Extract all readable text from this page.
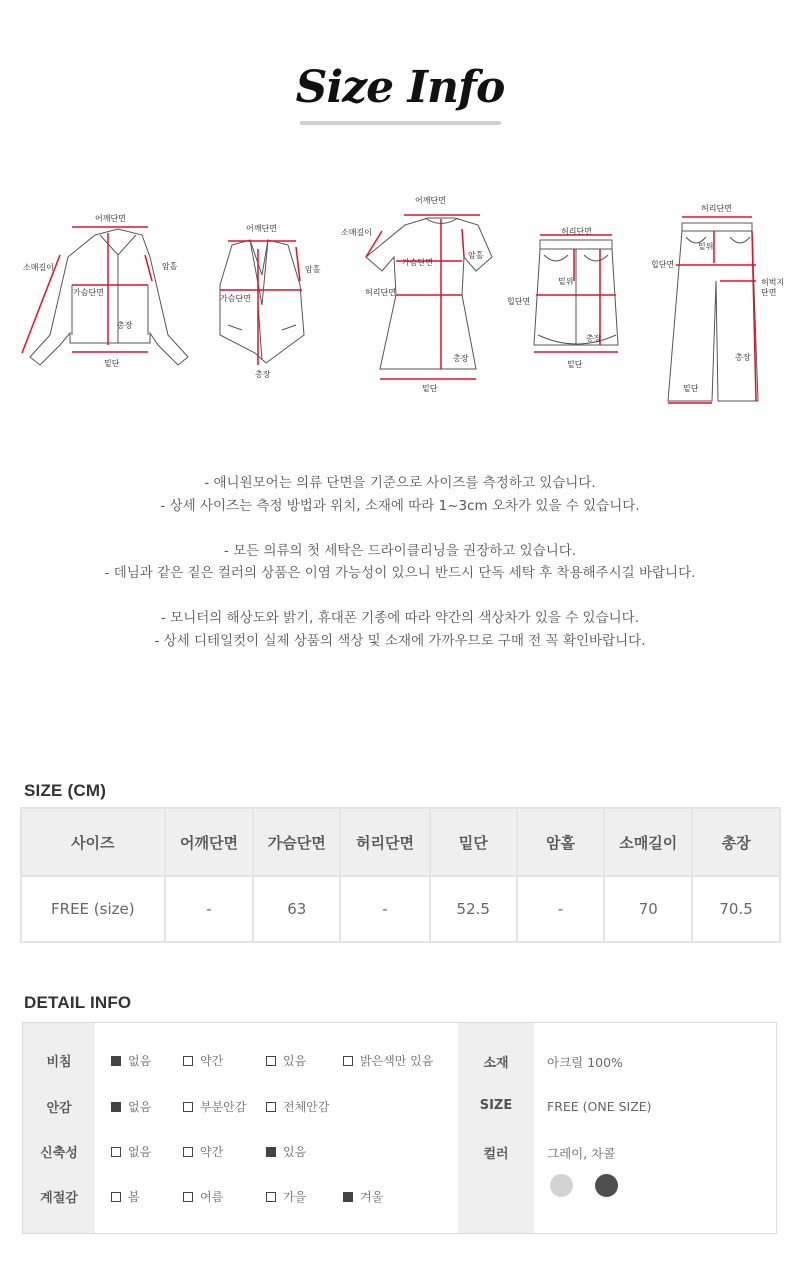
Size Info
어깨단면
소매길이	암홀
가슴단면
총장
밑단
어깨단면
암홀
가슴단면
총장
어깨단면
소매길이
가슴단면
암홀
허리단면
총장
밑단
허리단면
밑위
힙단면
총장
밑단
허리단면
밑위
힙단면
허벅지 단면
총장
밑단
- 애니원모어는 의류 단면을 기준으로 사이즈를 측정하고 있습니다.
- 상세 사이즈는 측정 방법과 위치, 소재에 따라 1~3cm 오차가 있을 수 있습니다.
- 모든 의류의 첫 세탁은 드라이클리닝을 권장하고 있습니다.
- 데님과 같은 짙은 컬러의 상품은 이염 가능성이 있으니 반드시 단독 세탁 후 착용해주시길 바랍니다.
- 모니터의 해상도와 밝기, 휴대폰 기종에 따라 약간의 색상차가 있을 수 있습니다.
- 상세 디테일컷이 실제 상품의 색상 및 소재에 가까우므로 구매 전 꼭 확인바랍니다.
SIZE (CM)
사이즈	어깨단면	가슴단면	허리단면	밑단	암홀	소매길이	총장
FREE (size)	-	63	-	52.5	-	70	70.5
DETAIL INFO
비침	없음	약간	있음	밝은색만 있음
안감	없음	부분안감	전체안감
신축성	없음	약간	있음
계절감	봄	여름	가을	겨울
소재	아크릴 100%
SIZE	FREE (ONE SIZE)
컬러	그레이, 차콜
